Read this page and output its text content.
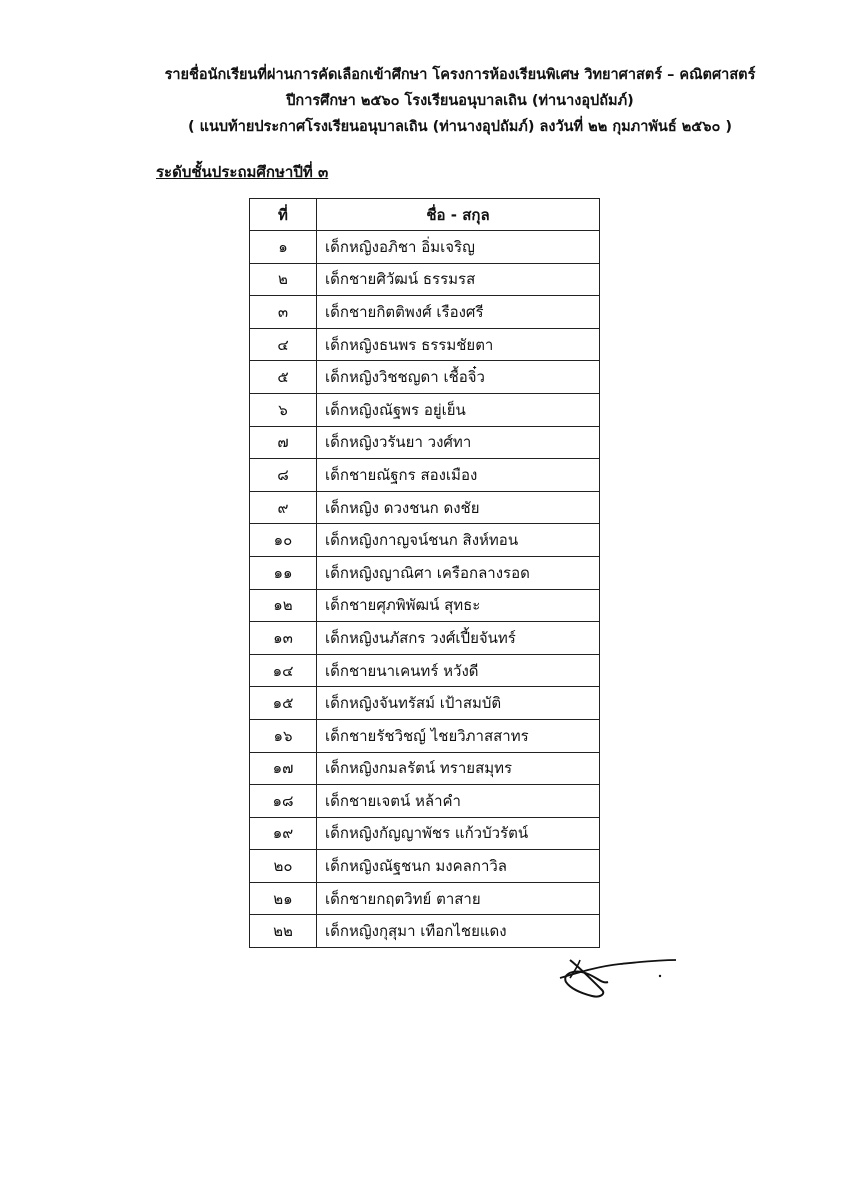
รายชื่อนักเรียนที่ผ่านการคัดเลือกเข้าศึกษา โครงการห้องเรียนพิเศษ วิทยาศาสตร์ – คณิตศาสตร์
ปีการศึกษา ๒๕๖๐ โรงเรียนอนุบาลเถิน (ท่านางอุปถัมภ์)
( แนบท้ายประกาศโรงเรียนอนุบาลเถิน (ท่านางอุปถัมภ์) ลงวันที่ ๒๒ กุมภาพันธ์ ๒๕๖๐ )
ระดับชั้นประถมศึกษาปีที่ ๓
ที่	ชื่อ - สกุล
๑	เด็กหญิงอภิชา อิ่มเจริญ
๒	เด็กชายศิวัฒน์ ธรรมรส
๓	เด็กชายกิตติพงศ์ เรืองศรี
๔	เด็กหญิงธนพร ธรรมชัยตา
๕	เด็กหญิงวิชชญดา เชื้อจิ๋ว
๖	เด็กหญิงณัฐพร อยู่เย็น
๗	เด็กหญิงวรันยา วงศ์ทา
๘	เด็กชายณัฐกร สองเมือง
๙	เด็กหญิง ดวงชนก ดงชัย
๑๐	เด็กหญิงกาญจน์ชนก สิงห์ทอน
๑๑	เด็กหญิงญาณิศา เครือกลางรอด
๑๒	เด็กชายศุภพิพัฒน์ สุทธะ
๑๓	เด็กหญิงนภัสกร วงศ์เปี้ยจันทร์
๑๔	เด็กชายนาเคนทร์ หวังดี
๑๕	เด็กหญิงจันทรัสม์ เป้าสมบัติ
๑๖	เด็กชายรัชวิชญ์ ไชยวิภาสสาทร
๑๗	เด็กหญิงกมลรัตน์ ทรายสมุทร
๑๘	เด็กชายเจตน์ หล้าคำ
๑๙	เด็กหญิงกัญญาพัชร แก้วบัวรัตน์
๒๐	เด็กหญิงณัฐชนก มงคลกาวิล
๒๑	เด็กชายกฤตวิทย์ ตาสาย
๒๒	เด็กหญิงกุสุมา เทือกไชยแดง
